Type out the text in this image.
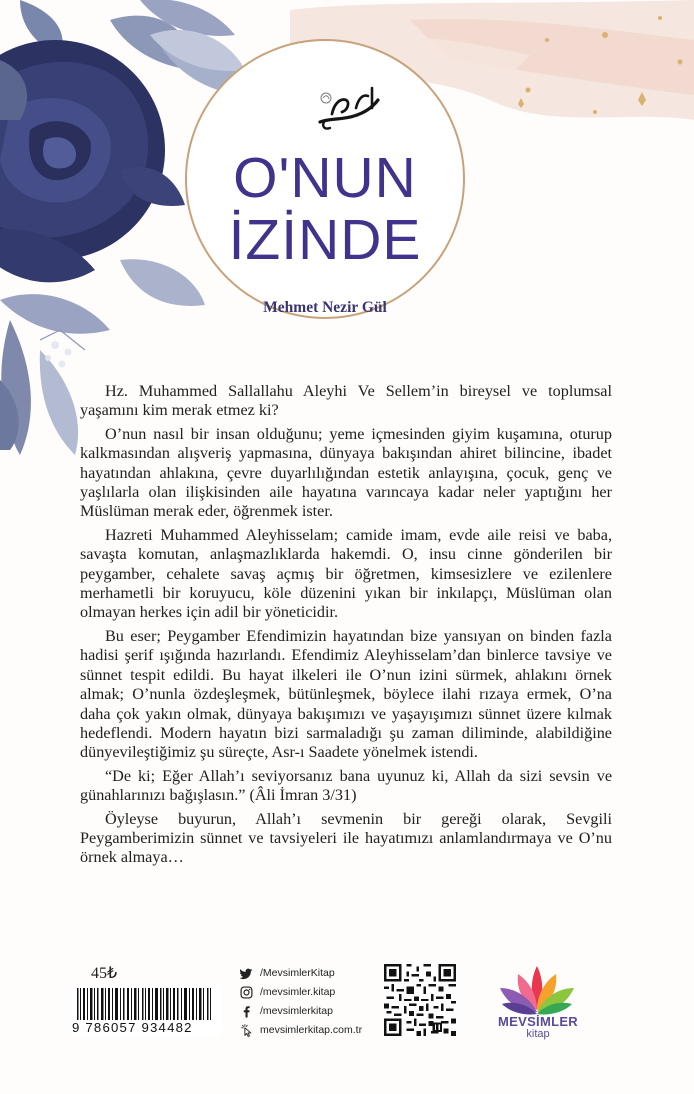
O'NUN
İZİNDE
Mehmet Nezir Gül

Hz. Muhammed Sallallahu Aleyhi Ve Sellem’in bireysel ve toplumsal yaşamını kim merak etmez ki?

O’nun nasıl bir insan olduğunu; yeme içmesinden giyim kuşamına, oturup kalkmasından alışveriş yapmasına, dünyaya bakışından ahiret bilincine, ibadet hayatından ahlakına, çevre duyarlılığından estetik anlayışına, çocuk, genç ve yaşlılarla olan ilişkisinden aile hayatına varıncaya kadar neler yaptığını her Müslüman merak eder, öğrenmek ister.

Hazreti Muhammed Aleyhisselam; camide imam, evde aile reisi ve baba, savaşta komutan, anlaşmazlıklarda hakemdi. O, insu cinne gönderilen bir peygamber, cehalete savaş açmış bir öğretmen, kimsesizlere ve ezilenlere merhametli bir koruyucu, köle düzenini yıkan bir inkılapçı, Müslüman olan olmayan herkes için adil bir yöneticidir.

Bu eser; Peygamber Efendimizin hayatından bize yansıyan on binden fazla hadisi şerif ışığında hazırlandı. Efendimiz Aleyhisselam’dan binlerce tavsiye ve sünnet tespit edildi. Bu hayat ilkeleri ile O’nun izini sürmek, ahlakını örnek almak; O’nunla özdeşleşmek, bütünleşmek, böylece ilahi rızaya ermek, O’na daha çok yakın olmak, dünyaya bakışımızı ve yaşayışımızı sünnet üzere kılmak hedeflendi. Modern hayatın bizi sarmaladığı şu zaman diliminde, alabildiğine dünyevileştiğimiz şu süreçte, Asr-ı Saadete yönelmek istendi.

“De ki; Eğer Allah’ı seviyorsanız bana uyunuz ki, Allah da sizi sevsin ve günahlarınızı bağışlasın.” (Âli İmran 3/31)

Öyleyse buyurun, Allah’ı sevmenin bir gereği olarak, Sevgili Peygamberimizin sünnet ve tavsiyeleri ile hayatımızı anlamlandırmaya ve O’nu örnek almaya…

45₺
9 786057 934482
/MevsimlerKitap
/mevsimler.kitap
/mevsimlerkitap
mevsimlerkitap.com.tr
MEVSİMLER
kitap
